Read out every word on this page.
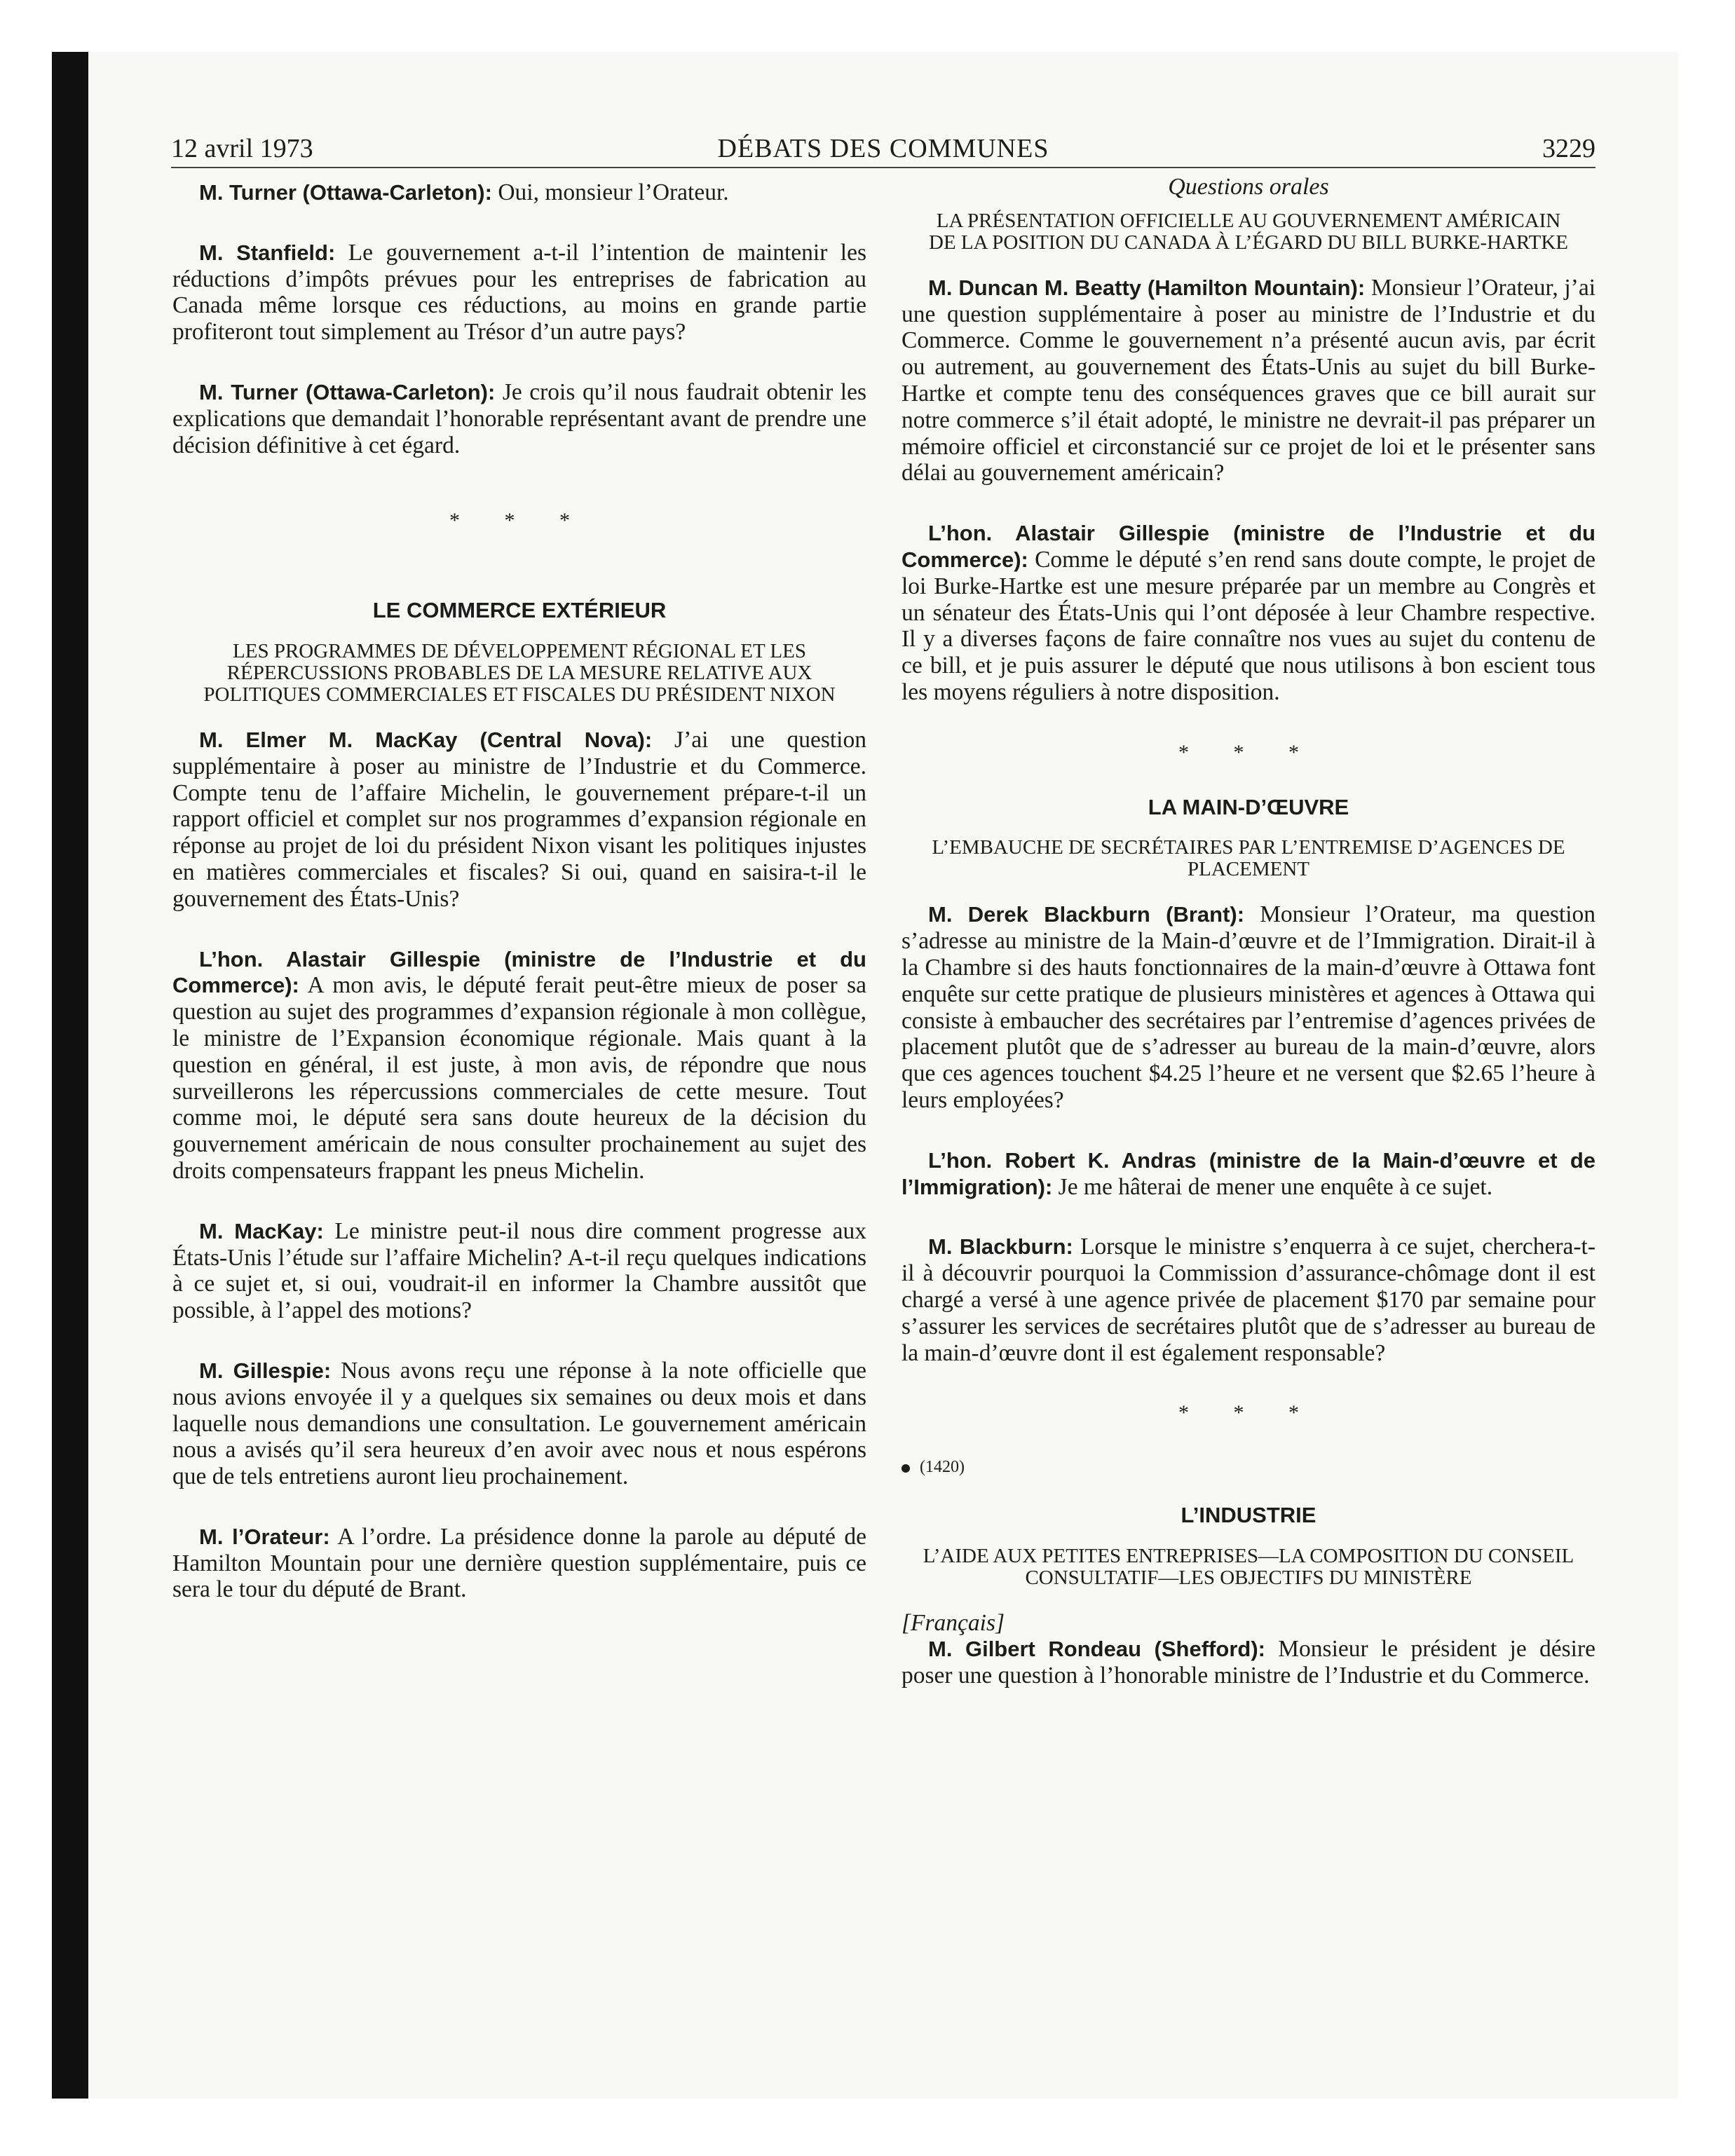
12 avril 1973	DÉBATS DES COMMUNES	3229

M. Turner (Ottawa-Carleton): Oui, monsieur l’Orateur.

M. Stanfield: Le gouvernement a-t-il l’intention de maintenir les réductions d’impôts prévues pour les entreprises de fabrication au Canada même lorsque ces réductions, au moins en grande partie profiteront tout simplement au Trésor d’un autre pays?

M. Turner (Ottawa-Carleton): Je crois qu’il nous faudrait obtenir les explications que demandait l’honorable représentant avant de prendre une décision définitive à cet égard.

* * *
LE COMMERCE EXTÉRIEUR
LES PROGRAMMES DE DÉVELOPPEMENT RÉGIONAL ET LES RÉPERCUSSIONS PROBABLES DE LA MESURE RELATIVE AUX POLITIQUES COMMERCIALES ET FISCALES DU PRÉSIDENT NIXON

M. Elmer M. MacKay (Central Nova): J’ai une question supplémentaire à poser au ministre de l’Industrie et du Commerce. Compte tenu de l’affaire Michelin, le gouvernement prépare-t-il un rapport officiel et complet sur nos programmes d’expansion régionale en réponse au projet de loi du président Nixon visant les politiques injustes en matières commerciales et fiscales? Si oui, quand en saisira-t-il le gouvernement des États-Unis?

L’hon. Alastair Gillespie (ministre de l’Industrie et du Commerce): A mon avis, le député ferait peut-être mieux de poser sa question au sujet des programmes d’expansion régionale à mon collègue, le ministre de l’Expansion économique régionale. Mais quant à la question en général, il est juste, à mon avis, de répondre que nous surveillerons les répercussions commerciales de cette mesure. Tout comme moi, le député sera sans doute heureux de la décision du gouvernement américain de nous consulter prochainement au sujet des droits compensateurs frappant les pneus Michelin.

M. MacKay: Le ministre peut-il nous dire comment progresse aux États-Unis l’étude sur l’affaire Michelin? A-t-il reçu quelques indications à ce sujet et, si oui, voudrait-il en informer la Chambre aussitôt que possible, à l’appel des motions?

M. Gillespie: Nous avons reçu une réponse à la note officielle que nous avions envoyée il y a quelques six semaines ou deux mois et dans laquelle nous demandions une consultation. Le gouvernement américain nous a avisés qu’il sera heureux d’en avoir avec nous et nous espérons que de tels entretiens auront lieu prochainement.

M. l’Orateur: A l’ordre. La présidence donne la parole au député de Hamilton Mountain pour une dernière question supplémentaire, puis ce sera le tour du député de Brant.

Questions orales
LA PRÉSENTATION OFFICIELLE AU GOUVERNEMENT AMÉRICAIN DE LA POSITION DU CANADA À L’ÉGARD DU BILL BURKE-HARTKE

M. Duncan M. Beatty (Hamilton Mountain): Monsieur l’Orateur, j’ai une question supplémentaire à poser au ministre de l’Industrie et du Commerce. Comme le gouvernement n’a présenté aucun avis, par écrit ou autrement, au gouvernement des États-Unis au sujet du bill Burke-Hartke et compte tenu des conséquences graves que ce bill aurait sur notre commerce s’il était adopté, le ministre ne devrait-il pas préparer un mémoire officiel et circonstancié sur ce projet de loi et le présenter sans délai au gouvernement américain?

L’hon. Alastair Gillespie (ministre de l’Industrie et du Commerce): Comme le député s’en rend sans doute compte, le projet de loi Burke-Hartke est une mesure préparée par un membre au Congrès et un sénateur des États-Unis qui l’ont déposée à leur Chambre respective. Il y a diverses façons de faire connaître nos vues au sujet du contenu de ce bill, et je puis assurer le député que nous utilisons à bon escient tous les moyens réguliers à notre disposition.

* * *
LA MAIN-D’ŒUVRE
L’EMBAUCHE DE SECRÉTAIRES PAR L’ENTREMISE D’AGENCES DE PLACEMENT

M. Derek Blackburn (Brant): Monsieur l’Orateur, ma question s’adresse au ministre de la Main-d’œuvre et de l’Immigration. Dirait-il à la Chambre si des hauts fonctionnaires de la main-d’œuvre à Ottawa font enquête sur cette pratique de plusieurs ministères et agences à Ottawa qui consiste à embaucher des secrétaires par l’entremise d’agences privées de placement plutôt que de s’adresser au bureau de la main-d’œuvre, alors que ces agences touchent $4.25 l’heure et ne versent que $2.65 l’heure à leurs employées?

L’hon. Robert K. Andras (ministre de la Main-d’œuvre et de l’Immigration): Je me hâterai de mener une enquête à ce sujet.

M. Blackburn: Lorsque le ministre s’enquerra à ce sujet, cherchera-t-il à découvrir pourquoi la Commission d’assurance-chômage dont il est chargé a versé à une agence privée de placement $170 par semaine pour s’assurer les services de secrétaires plutôt que de s’adresser au bureau de la main-d’œuvre dont il est également responsable?

* * *
(1420)
L’INDUSTRIE
L’AIDE AUX PETITES ENTREPRISES—LA COMPOSITION DU CONSEIL CONSULTATIF—LES OBJECTIFS DU MINISTÈRE
[Français]

M. Gilbert Rondeau (Shefford): Monsieur le président je désire poser une question à l’honorable ministre de l’Industrie et du Commerce.
